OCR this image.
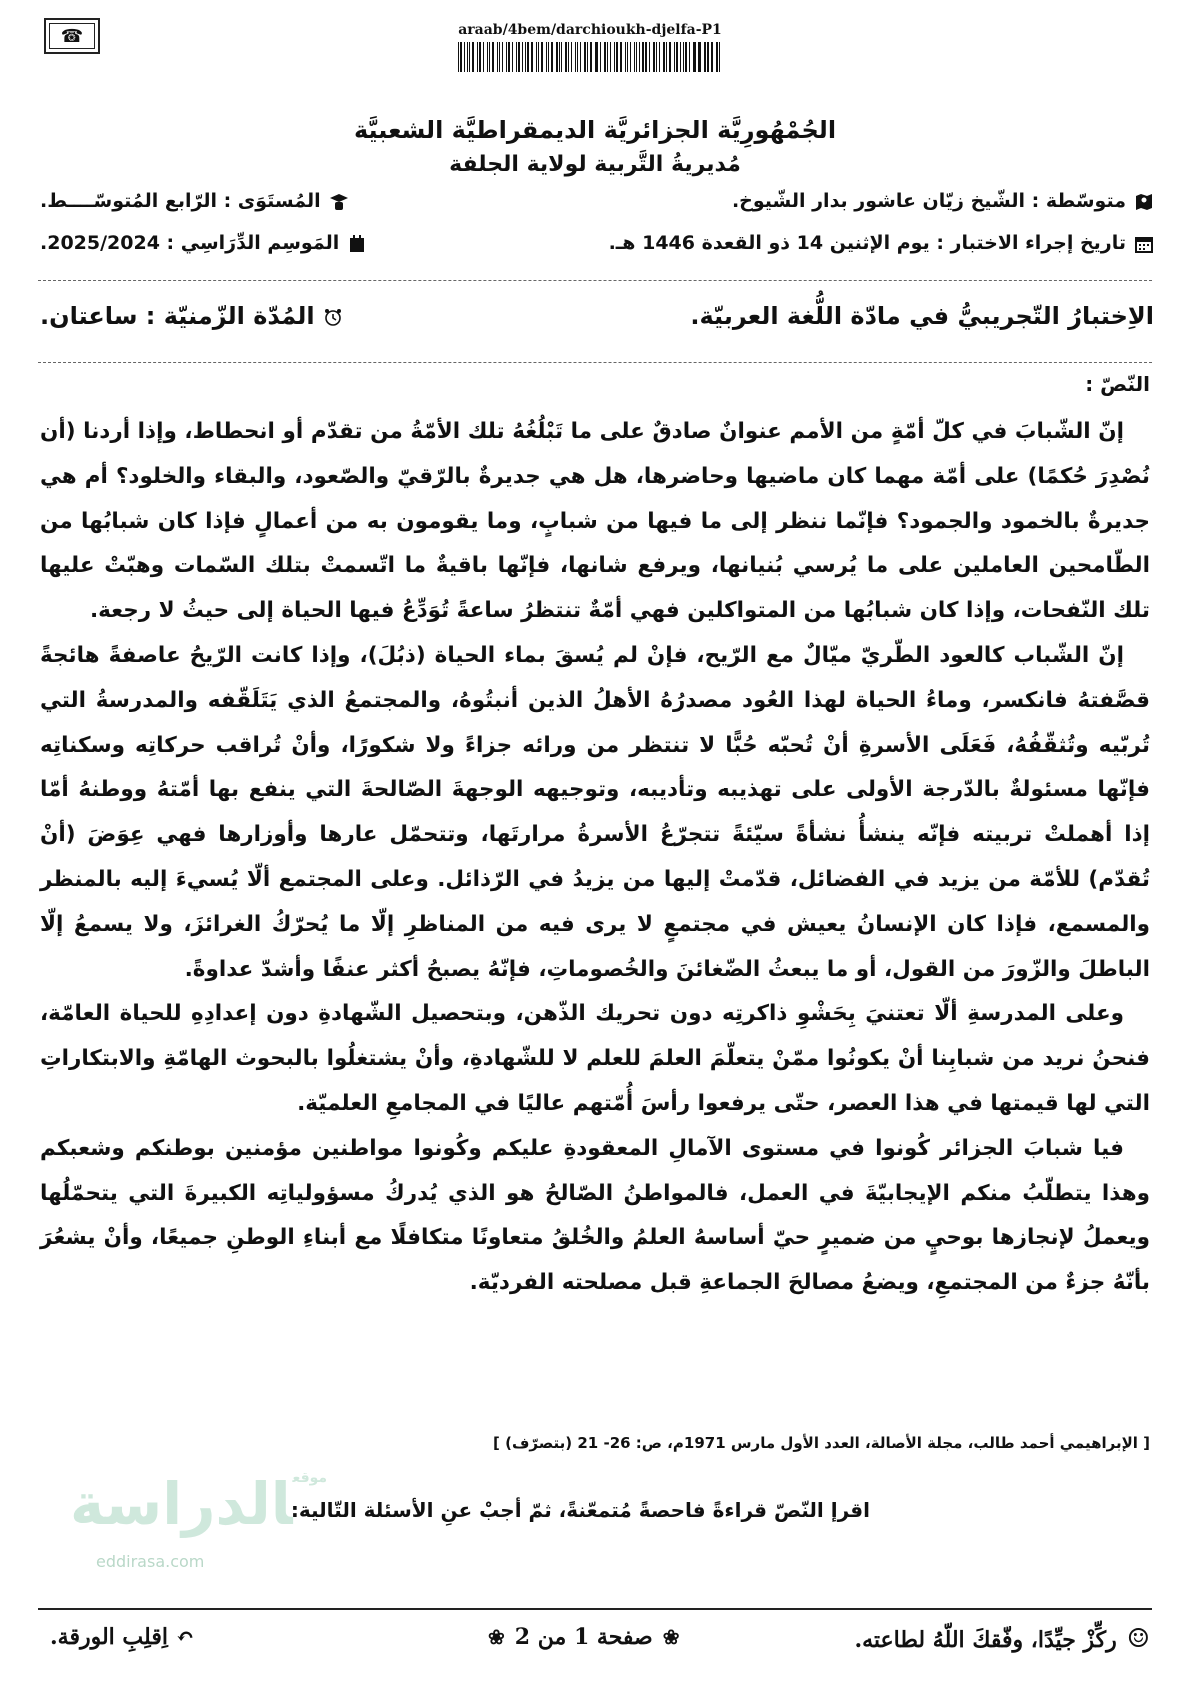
☎	araab/4bem/darchioukh-djelfa-P1
الجُمْهُورِيَّة الجزائريَّة الديمقراطيَّة الشعبيَّة
مُديريةُ التَّربية لولاية الجلفة
متوسّطة : الشّيخ زيّان عاشور بدار الشّيوخ.
تاريخ إجراء الاختبار : يوم الإثنين 14 ذو القعدة 1446 هـ.
المُستَوَى : الرّابع المُتوسّــــط.
المَوسِم الدِّرَاسِي : 2025/2024.
الاِختبارُ التّجريبيُّ في مادّة اللُّغة العربيّة.
المُدّة الزّمنيّة : ساعتان.
النّصّ :

إنّ الشّبابَ في كلّ أمّةٍ من الأمم عنوانٌ صادقٌ على ما تَبْلُغُهُ تلك الأمّةُ من تقدّم أو انحطاط، وإذا أردنا (أن نُصْدِرَ حُكمًا) على أمّة مهما كان ماضيها وحاضرها، هل هي جديرةٌ بالرّقيّ والصّعود، والبقاء والخلود؟ أم هي جديرةٌ بالخمود والجمود؟ فإنّما ننظر إلى ما فيها من شبابٍ، وما يقومون به من أعمالٍ فإذا كان شبابُها من الطّامحين العاملين على ما يُرسي بُنيانها، ويرفع شانها، فإنّها باقيةٌ ما اتّسمتْ بتلك السّمات وهبّتْ عليها تلك النّفحات، وإذا كان شبابُها من المتواكلين فهي أمّةٌ تنتظرُ ساعةً تُوَدِّعُ فيها الحياة إلى حيثُ لا رجعة.

إنّ الشّباب كالعود الطّريّ ميّالٌ مع الرّيح، فإنْ لم يُسقَ بماء الحياة (ذبُلَ)، وإذا كانت الرّيحُ عاصفةً هائجةً قصَّفتهُ فانكسر، وماءُ الحياة لهذا العُود مصدرُهُ الأهلُ الذين أنبتُوهُ، والمجتمعُ الذي يَتَلَقّفه والمدرسةُ التي تُربّيه وتُثقّفُهُ، فَعَلَى الأسرةِ أنْ تُحبّه حُبًّا لا تنتظر من ورائه جزاءً ولا شكورًا، وأنْ تُراقب حركاتِه وسكناتِه فإنّها مسئولةٌ بالدّرجة الأولى على تهذيبه وتأديبه، وتوجيهه الوجهةَ الصّالحةَ التي ينفع بها أمّتهُ ووطنهُ أمّا إذا أهملتْ تربيته فإنّه ينشأُ نشأةً سيّئةً تتجرّعُ الأسرةُ مرارتَها، وتتحمّل عارها وأوزارها فهي عِوَضَ (أنْ تُقدّم) للأمّة من يزيد في الفضائل، قدّمتْ إليها من يزيدُ في الرّذائل. وعلى المجتمع ألّا يُسيءَ إليه بالمنظر والمسمع، فإذا كان الإنسانُ يعيش في مجتمعٍ لا يرى فيه من المناظرِ إلّا ما يُحرّكُ الغرائزَ، ولا يسمعُ إلّا الباطلَ والزّورَ من القول، أو ما يبعثُ الضّغائنَ والخُصوماتِ، فإنّهُ يصبحُ أكثر عنفًا وأشدّ عداوةً.

وعلى المدرسةِ ألّا تعتنيَ بِحَشْوِ ذاكرتِه دون تحريك الذّهن، وبتحصيل الشّهادةِ دون إعدادِهِ للحياة العامّة، فنحنُ نريد من شبابِنا أنْ يكونُوا ممّنْ يتعلّمَ العلمَ للعلم لا للشّهادةِ، وأنْ يشتغلُوا بالبحوث الهامّةِ والابتكاراتِ التي لها قيمتها في هذا العصر، حتّى يرفعوا رأسَ أُمّتهم عاليًا في المجامعِ العلميّة.

فيا شبابَ الجزائر كُونوا في مستوى الآمالِ المعقودةِ عليكم وكُونوا مواطنين مؤمنين بوطنكم وشعبكم وهذا يتطلّبُ منكم الإيجابيّةَ في العمل، فالمواطنُ الصّالحُ هو الذي يُدركُ مسؤولياتِه الكبيرةَ التي يتحمّلُها ويعملُ لإنجازها بوحيٍ من ضميرٍ حيّ أساسهُ العلمُ والخُلقُ متعاونًا متكافلًا مع أبناءِ الوطنِ جميعًا، وأنْ يشعُرَ بأنّهُ جزءٌ من المجتمعِ، ويضعُ مصالحَ الجماعةِ قبل مصلحته الفرديّة.

[ الإبراهيمي أحمد طالب، مجلة الأصالة، العدد الأول مارس 1971م، ص: 26- 21 (بتصرّف) ]
$^{موقع}$الدراسة
eddirasa.com
اقرإ النّصّ قراءةً فاحصةً مُتمعّنةً، ثمّ أجبْ عنِ الأسئلة التّالية:
☺ركِّزْ جيِّدًا، وفّقكَ اللّهُ لطاعته.
❀صفحة 1 من 2❀
↶اِقلِبِ الورقة.
